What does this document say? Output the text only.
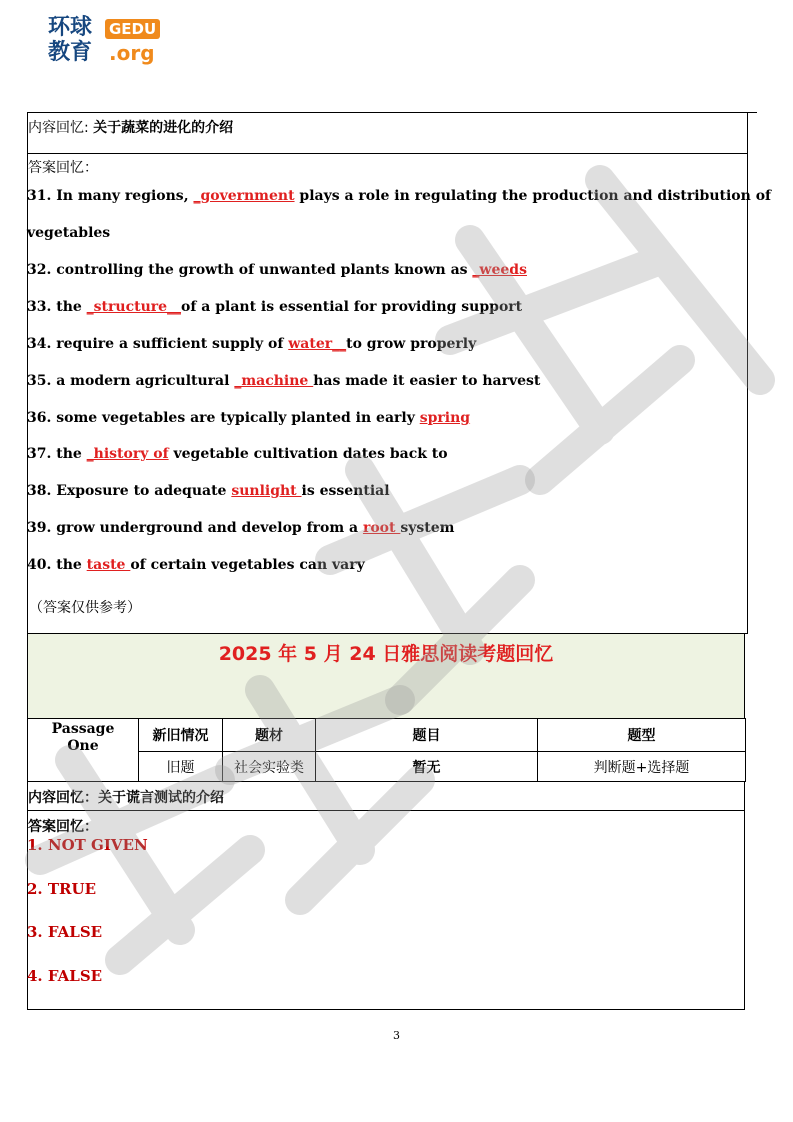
环球
教育
GEDU
.org
内容回忆: 关于蔬菜的进化的介绍
答案回忆：
31. In many regions, _government plays a role in regulating the production and distribution of
vegetables
32. controlling the growth of unwanted plants known as _weeds
33. the _structure__of a plant is essential for providing support
34. require a sufficient supply of water__to grow properly
35. a modern agricultural _machine has made it easier to harvest
36. some vegetables are typically planted in early spring
37. the _history of vegetable cultivation dates back to
38. Exposure to adequate sunlight is essential
39. grow underground and develop from a root system
40. the taste of certain vegetables can vary
（答案仅供参考）
2025 年 5 月 24 日雅思阅读考题回忆
Passage
One	新旧情况	题材	题目	题型
	旧题	社会实验类	暂无	判断题+选择题
内容回忆：关于谎言测试的介绍
答案回忆：
1. NOT GIVEN
2. TRUE
3. FALSE
4. FALSE
3
